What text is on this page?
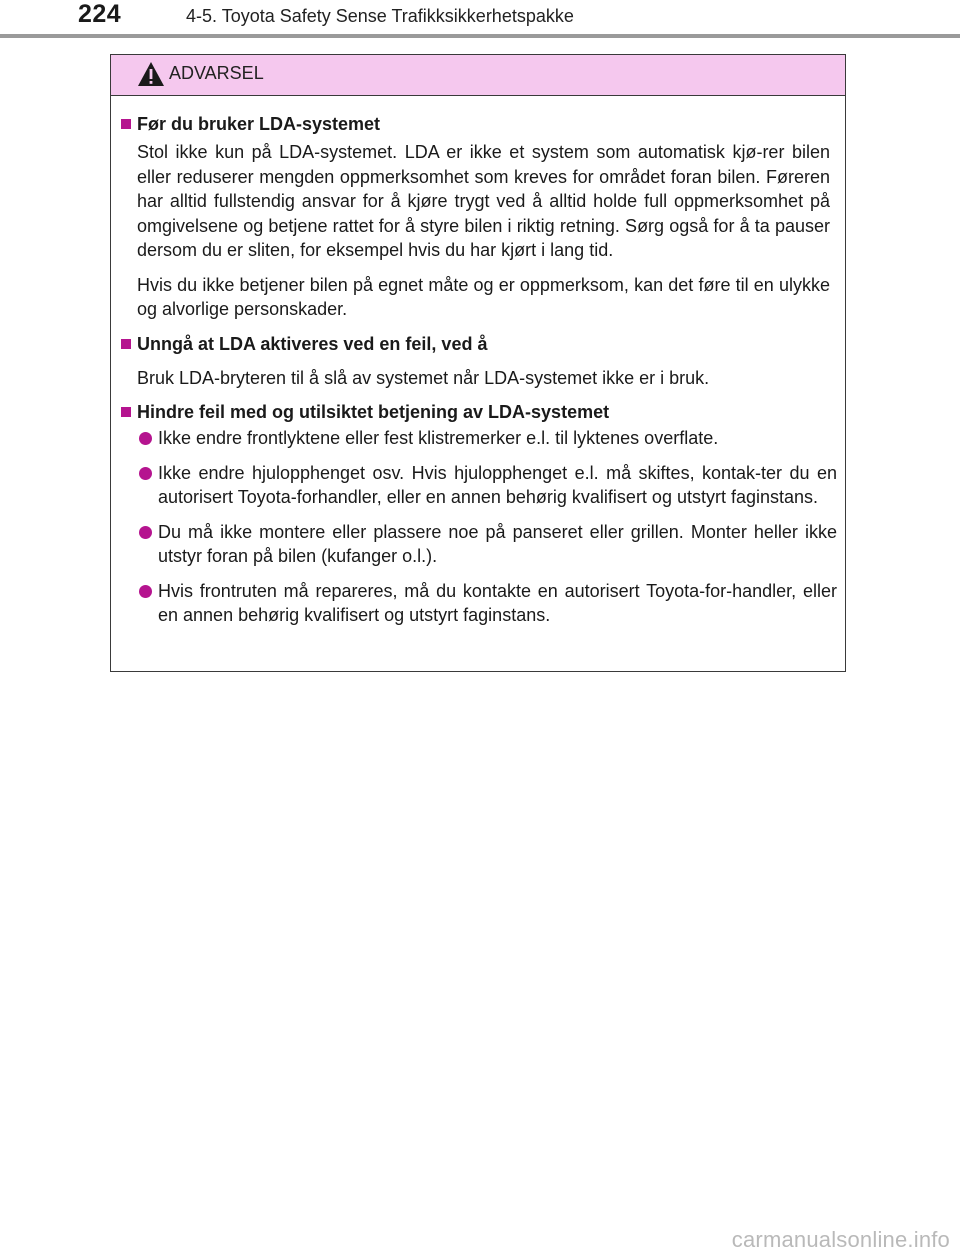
224	4-5. Toyota Safety Sense Trafikksikkerhetspakke
ADVARSEL
Før du bruker LDA-systemet

Stol ikke kun på LDA-systemet. LDA er ikke et system som automatisk kjø-rer bilen eller reduserer mengden oppmerksomhet som kreves for området foran bilen. Føreren har alltid fullstendig ansvar for å kjøre trygt ved å alltid holde full oppmerksomhet på omgivelsene og betjene rattet for å styre bilen i riktig retning. Sørg også for å ta pauser dersom du er sliten, for eksempel hvis du har kjørt i lang tid.

Hvis du ikke betjener bilen på egnet måte og er oppmerksom, kan det føre til en ulykke og alvorlige personskader.

Unngå at LDA aktiveres ved en feil, ved å

Bruk LDA-bryteren til å slå av systemet når LDA-systemet ikke er i bruk.

Hindre feil med og utilsiktet betjening av LDA-systemet
Ikke endre frontlyktene eller fest klistremerker e.l. til lyktenes overflate.
Ikke endre hjulopphenget osv. Hvis hjulopphenget e.l. må skiftes, kontak-ter du en autorisert Toyota-forhandler, eller en annen behørig kvalifisert og utstyrt faginstans.
Du må ikke montere eller plassere noe på panseret eller grillen. Monter heller ikke utstyr foran på bilen (kufanger o.l.).
Hvis frontruten må repareres, må du kontakte en autorisert Toyota-for-handler, eller en annen behørig kvalifisert og utstyrt faginstans.
carmanualsonline.info
